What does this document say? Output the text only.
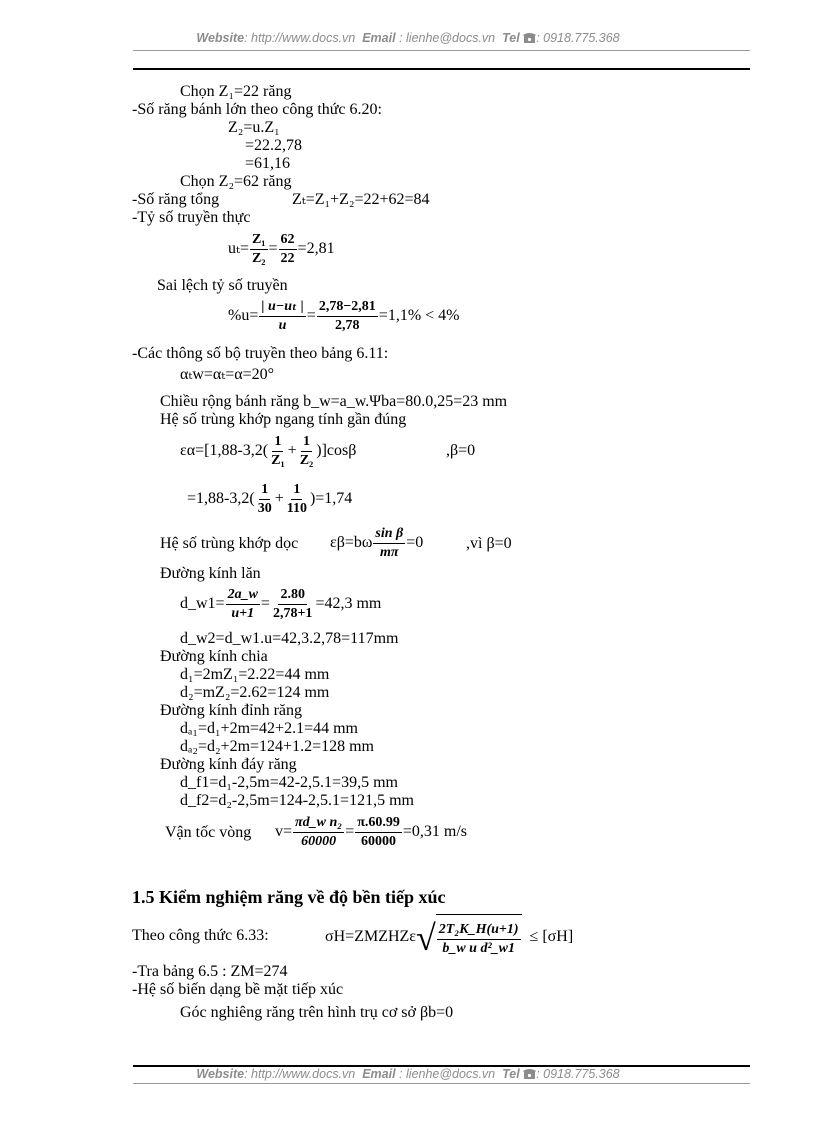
Website: http://www.docs.vn Email : lienhe@docs.vn Tel : 0918.775.368
Chọn Z₁=22 răng
-Số răng bánh lớn theo công thức 6.20:
Z₂=u.Z₁
=22.2,78
=61,16
Chọn Z₂=62 răng
-Số răng tổng	Zₜ=Z₁+Z₂=22+62=84
-Tỷ số truyền thực
$u_t= \frac{\text{Z₁}}{\text{Z₂}} = \frac{62}{22} =2,81$
Sai lệch tỷ số truyền
$\%u= \frac{\text{| u−uₜ |}}{u} = \frac{2,78-2,81}{2,78} =1,1\% < 4\%$
-Các thông số bộ truyền theo bảng 6.11:
αₜw=αₜ=α=20°
Chiều rộng bánh răng b_w=a_w.Ψba=80.0,25=23 mm
Hệ số trùng khớp ngang tính gần đúng
$\varepsilon\alpha=[1,88-3,2( \frac{1}{\text{Z₁}} + \frac{1}{\text{Z₂}} )]\cos\beta$	,β=0
$=1,88-3,2( \frac{1}{30} + \frac{1}{110} )=1,74$
Hệ số trùng khớp dọc $\varepsilon\beta=b\omega \frac{\text{sin β}}{m\pi} =0$	,vì β=0
Đường kính lăn
d_w1= $\frac{2a\_w}{u+1} = \frac{2.80}{2,78+1} =42,3$ mm
d_w2=d_w1.u=42,3.2,78=117mm
Đường kính chia
d₁=2mZ₁=2.22=44 mm
d₂=mZ₂=2.62=124 mm
Đường kính đỉnh răng
dₐ₁=d₁+2m=42+2.1=44 mm
dₐ₂=d₂+2m=124+1.2=128 mm
Đường kính đáy răng
d_f1=d₁-2,5m=42-2,5.1=39,5 mm
d_f2=d₂-2,5m=124-2,5.1=121,5 mm
Vận tốc vòng $v= \frac{\text{πd\_w n₂}}{60000} = \frac{\pi.60.99}{60000} =0,31$ m/s
1.5 Kiểm nghiệm răng về độ bền tiếp xúc
Theo công thức 6.33:	σH=ZMZHZε √ $\frac{\text{2T₂K\_H(u+1)}}{\text{b\_w u d²\_w1}} \le [\sigma H]$
-Tra bảng 6.5 : ZM=274
-Hệ số biến dạng bề mặt tiếp xúc
Góc nghiêng răng trên hình trụ cơ sở βb=0
Website: http://www.docs.vn Email : lienhe@docs.vn Tel : 0918.775.368
